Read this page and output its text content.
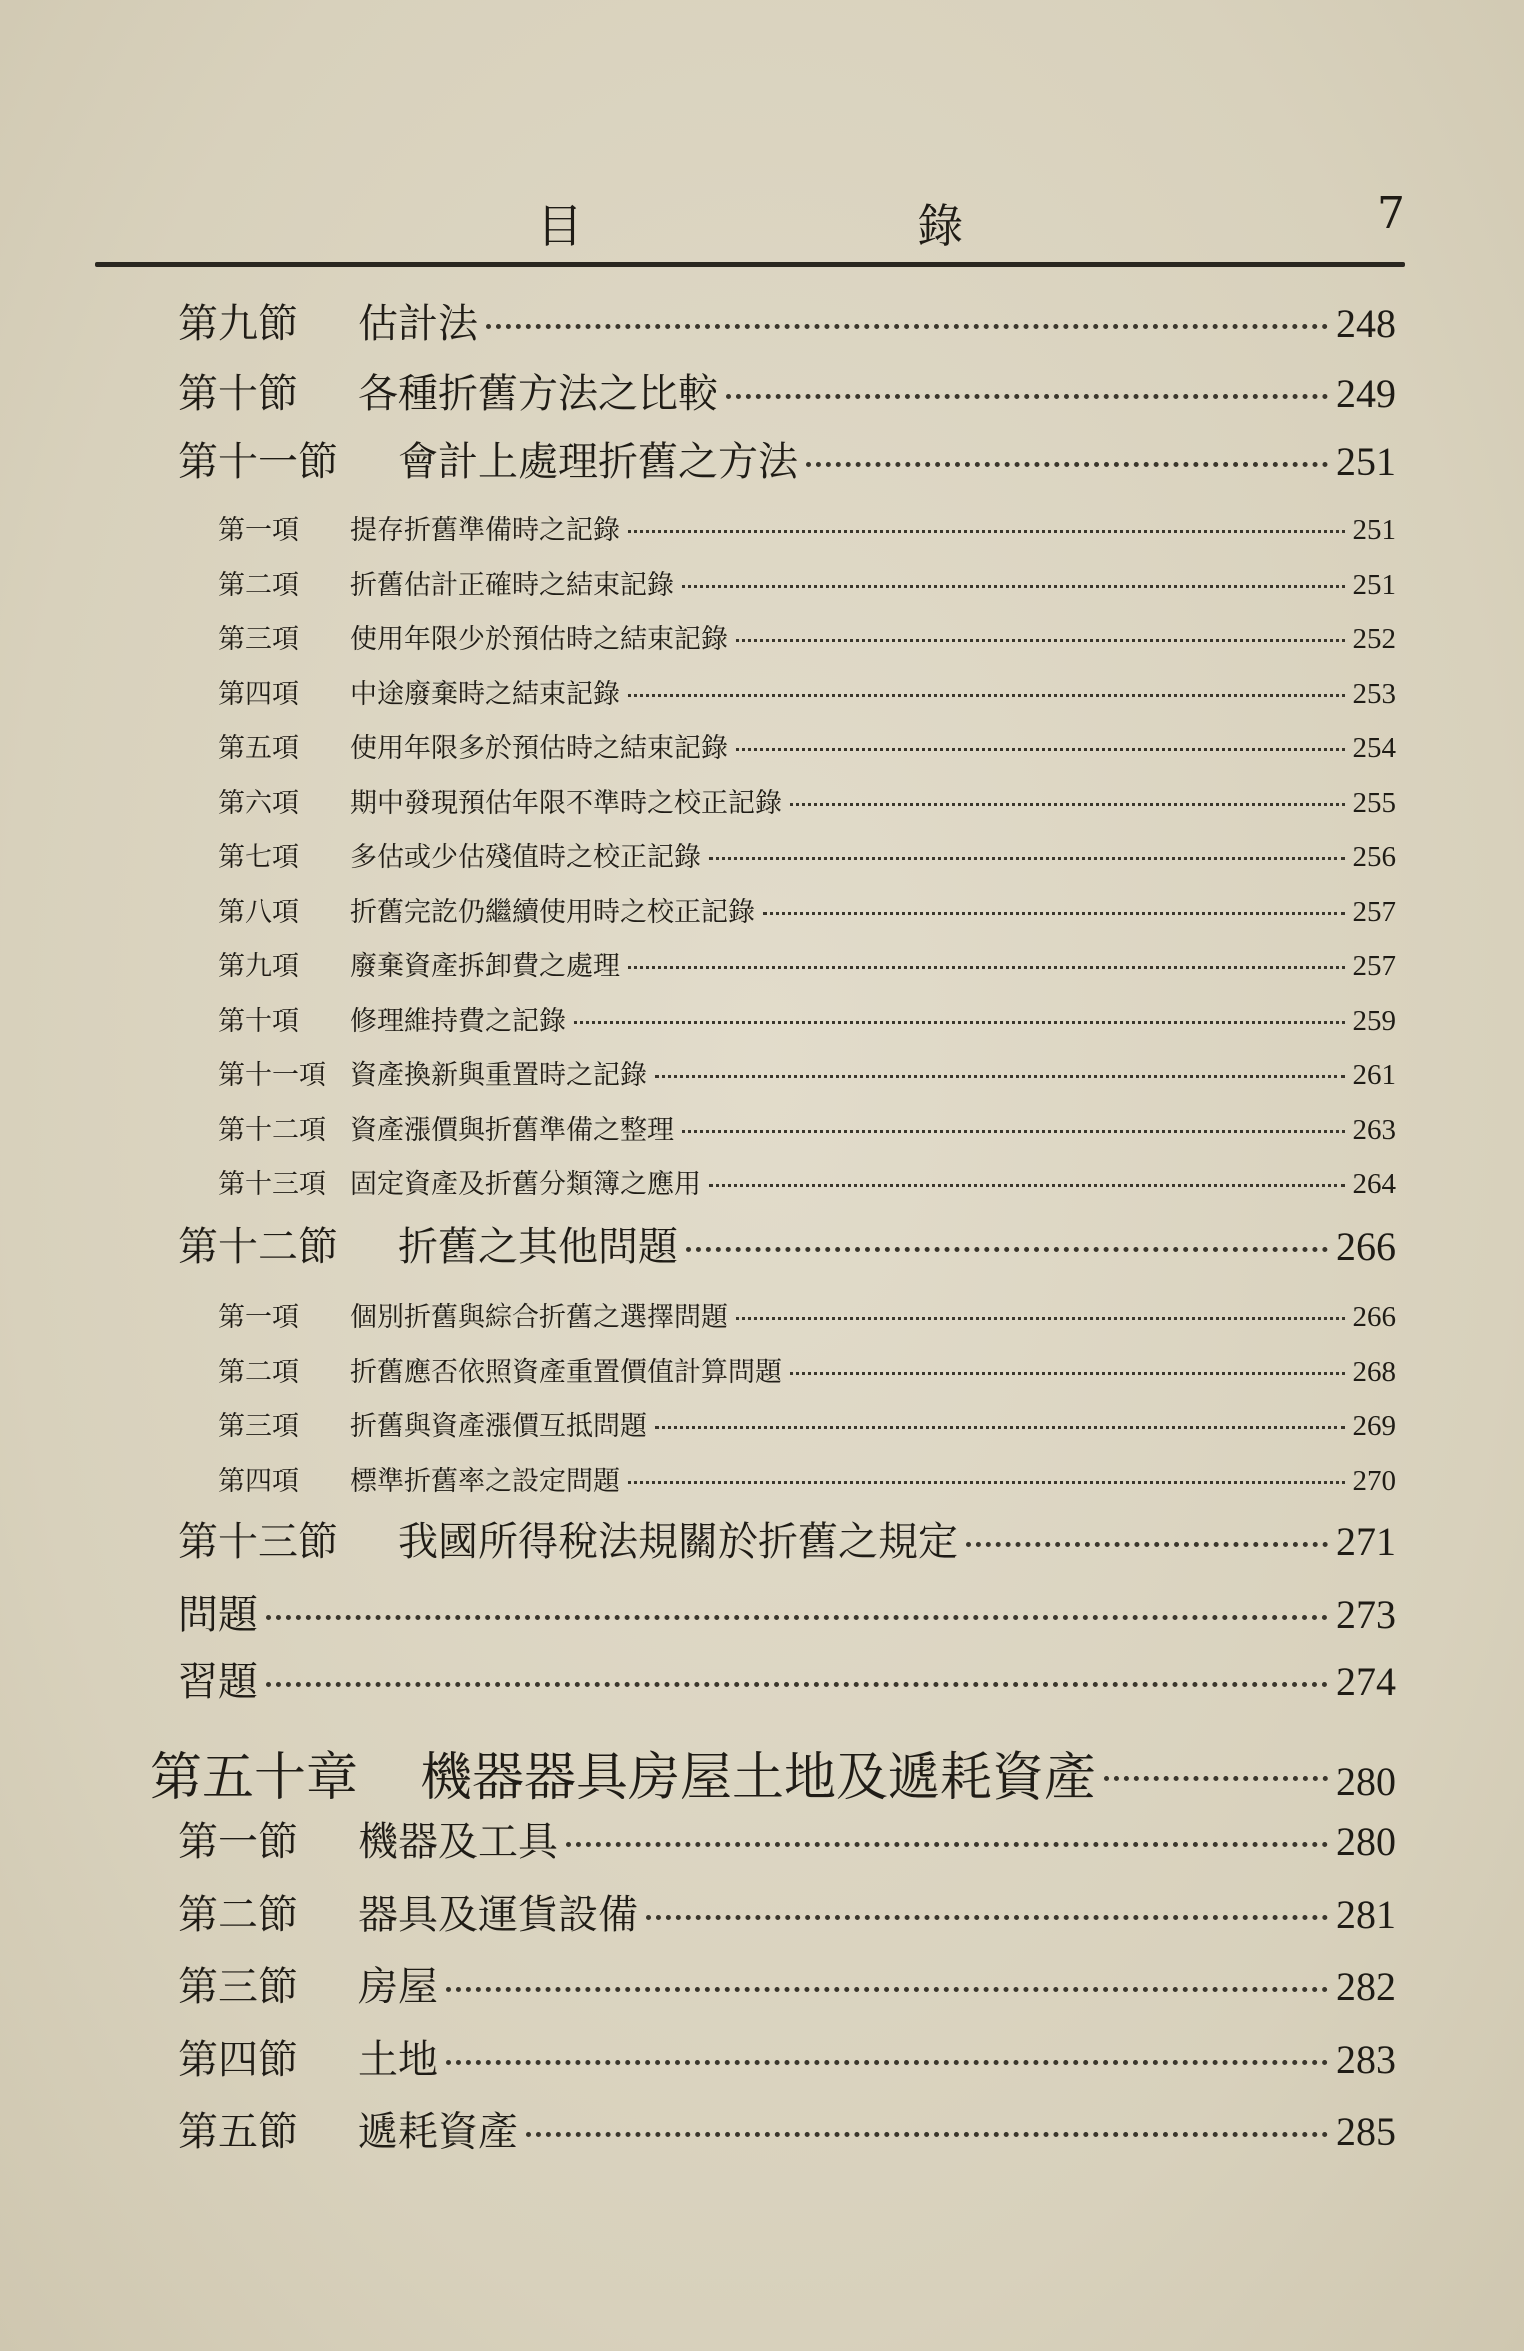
目 錄	7
第九節	估計法	248
第十節	各種折舊方法之比較	249
第十一節	會計上處理折舊之方法	251
第一項	提存折舊準備時之記錄	251
第二項	折舊估計正確時之結束記錄	251
第三項	使用年限少於預估時之結束記錄	252
第四項	中途廢棄時之結束記錄	253
第五項	使用年限多於預估時之結束記錄	254
第六項	期中發現預估年限不準時之校正記錄	255
第七項	多估或少估殘值時之校正記錄	256
第八項	折舊完訖仍繼續使用時之校正記錄	257
第九項	廢棄資產拆卸費之處理	257
第十項	修理維持費之記錄	259
第十一項 資產換新與重置時之記錄	261
第十二項 資產漲價與折舊準備之整理	263
第十三項 固定資產及折舊分類簿之應用	264
第十二節	折舊之其他問題	266
第一項	個別折舊與綜合折舊之選擇問題	266
第二項	折舊應否依照資產重置價值計算問題	268
第三項	折舊與資產漲價互抵問題	269
第四項	標準折舊率之設定問題	270
第十三節	我國所得稅法規關於折舊之規定	271
問題	273
習題	274
第五十章	機器器具房屋土地及遞耗資產	280
第一節	機器及工具	280
第二節	器具及運貨設備	281
第三節	房屋	282
第四節	土地	283
第五節	遞耗資產	285
